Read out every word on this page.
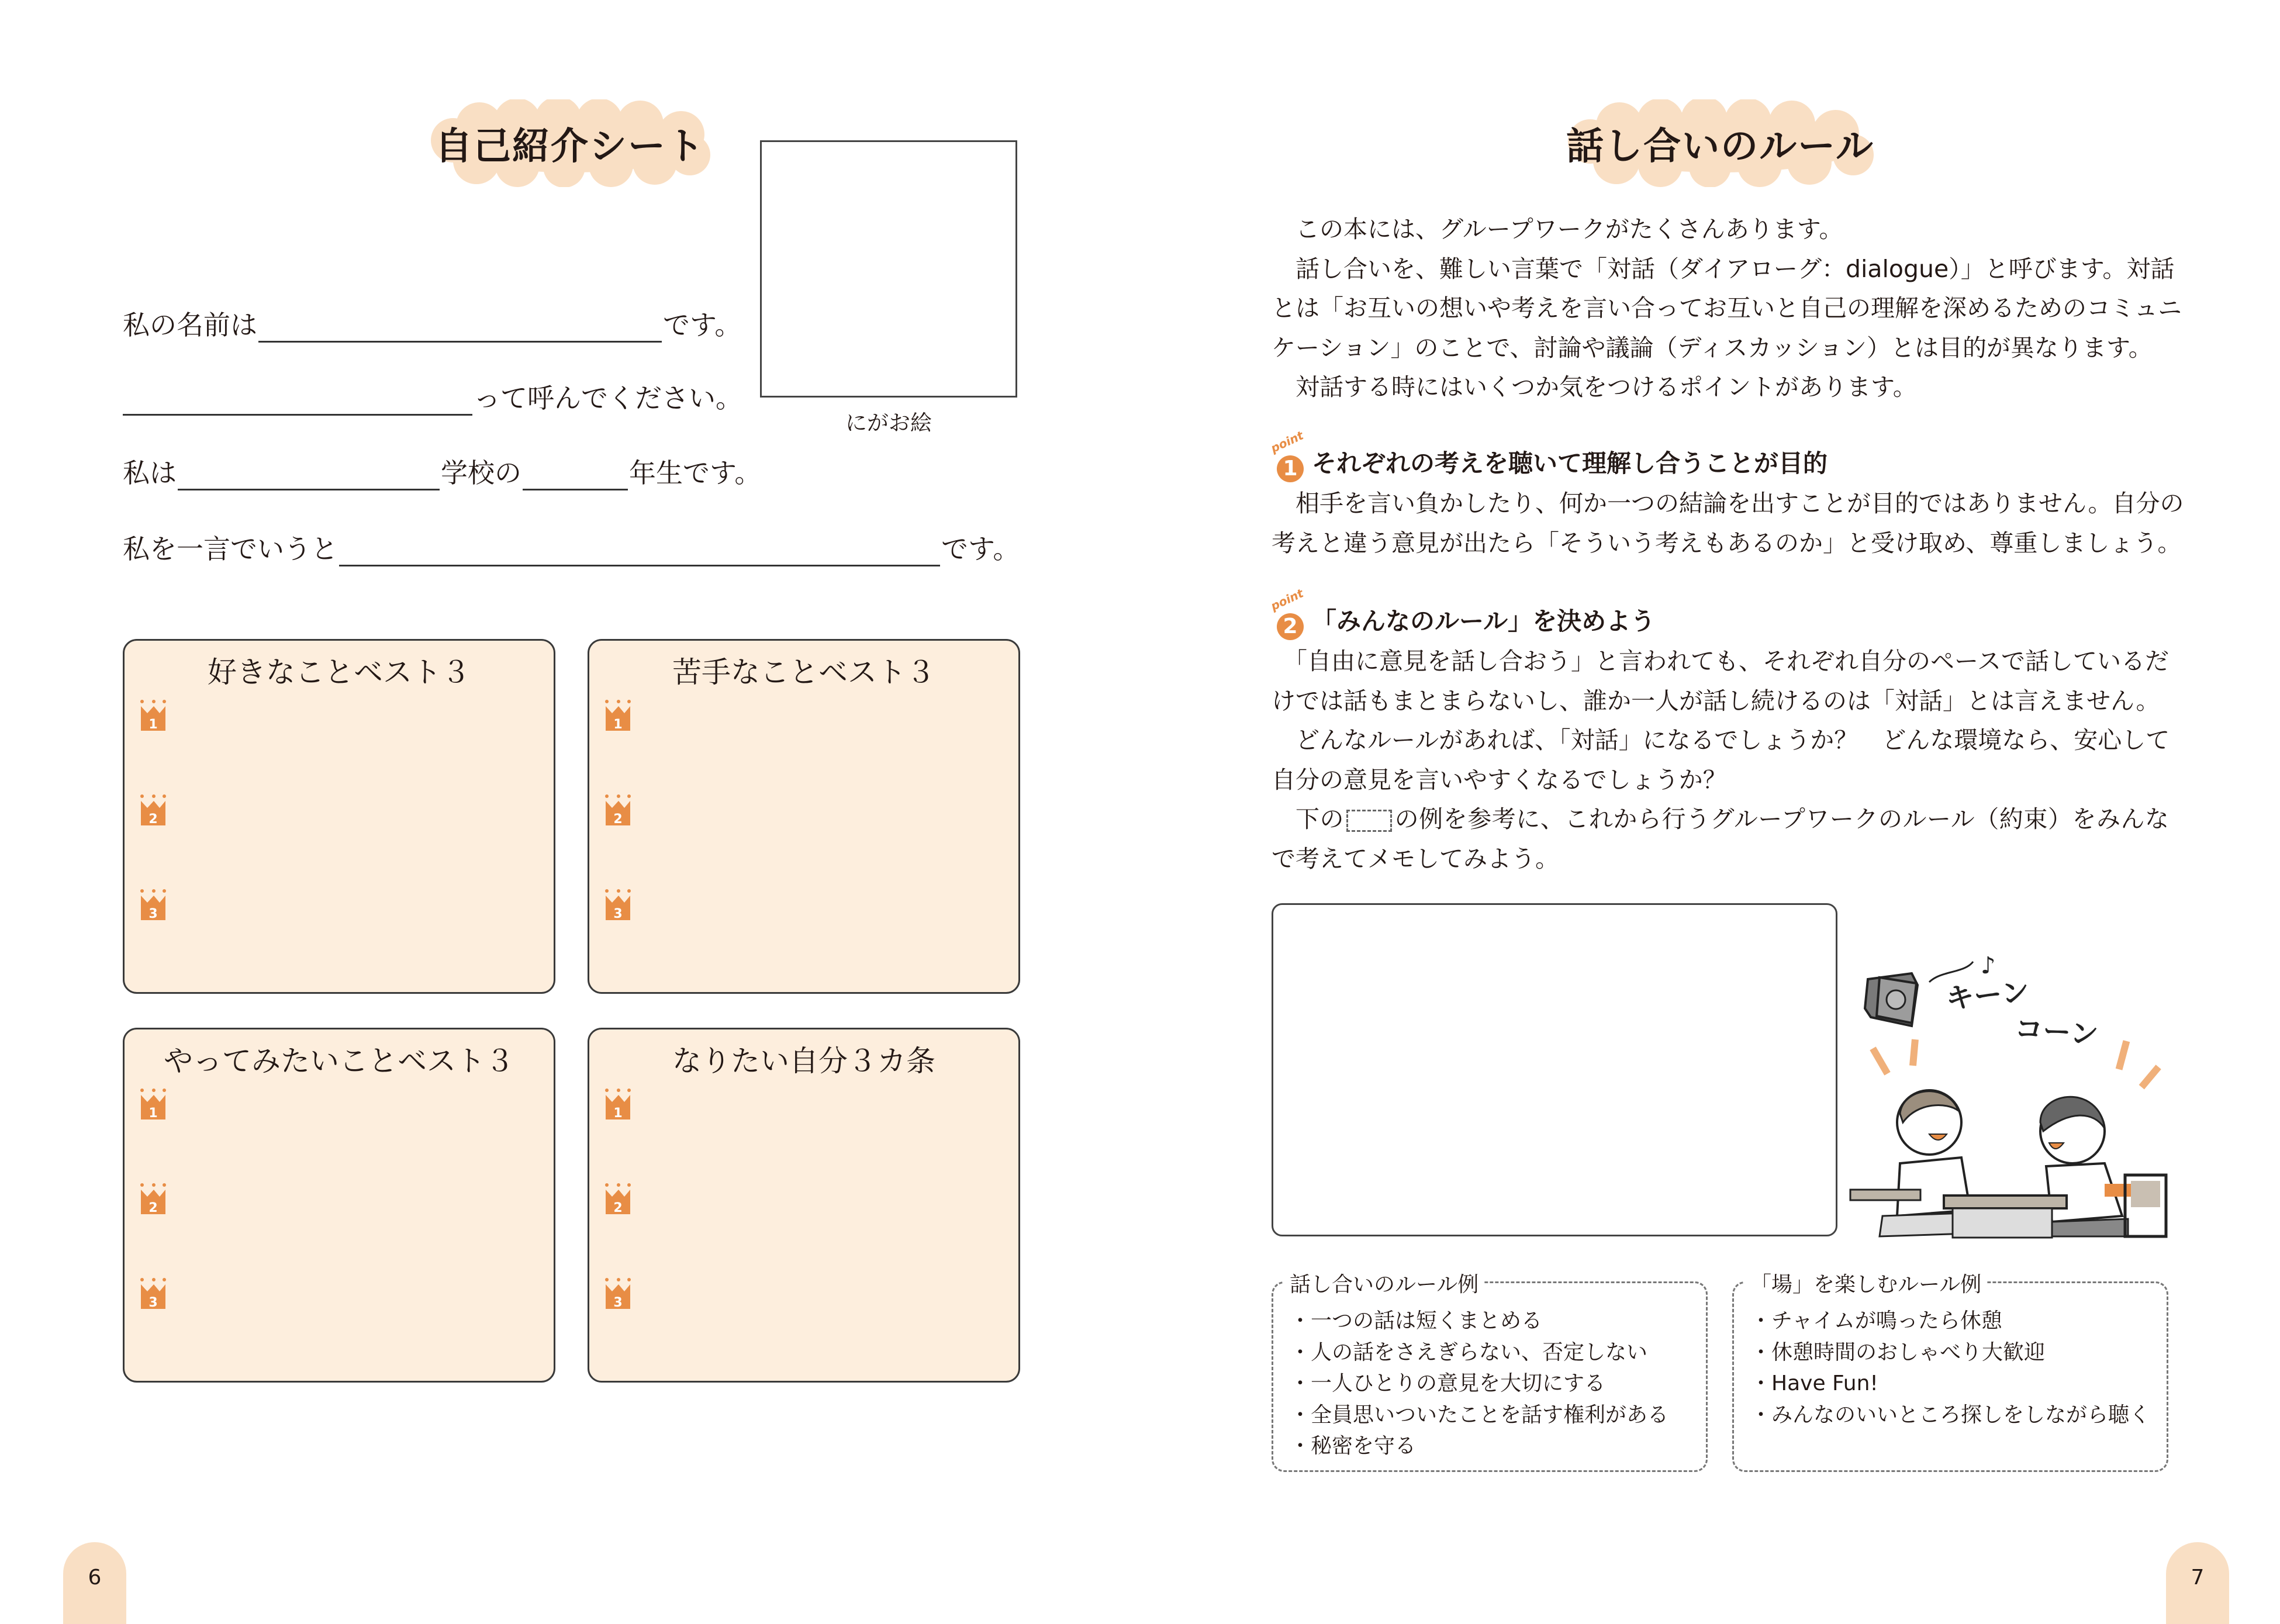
自己紹介シート
にがお絵
私の名前は	です。
って呼んでください。
私は	学校の	年生です。
私を一言でいうと	です。
好きなことベスト３
1
2
3
苦手なことベスト３
1
2
3
やってみたいことベスト３
1
2
3
なりたい自分３カ条
1
2
3
6
話し合いのルール
この本には、グループワークがたくさんあります。
話し合いを、難しい言葉で「対話（ダイアローグ：dialogue）」と呼びます。対話
とは「お互いの想いや考えを言い合ってお互いと自己の理解を深めるためのコミュニ
ケーション」のことで、討論や議論（ディスカッション）とは目的が異なります。
対話する時にはいくつか気をつけるポイントがあります。
point
1 それぞれの考えを聴いて理解し合うことが目的
相手を言い負かしたり、何か一つの結論を出すことが目的ではありません。自分の
考えと違う意見が出たら「そういう考えもあるのか」と受け取め、尊重しましょう。
point
2 「みんなのルール」を決めよう
「自由に意見を話し合おう」と言われても、それぞれ自分のペースで話しているだ
けでは話もまとまらないし、誰か一人が話し続けるのは「対話」とは言えません。
どんなルールがあれば、「対話」になるでしょうか？　どんな環境なら、安心して
自分の意見を言いやすくなるでしょうか？
下の の例を参考に、これから行うグループワークのルール（約束）をみんな
で考えてメモしてみよう。
♪
キーン
コーン
話し合いのルール例
・ 一つの話は短くまとめる
・ 人の話をさえぎらない、否定しない
・ 一人ひとりの意見を大切にする
・ 全員思いついたことを話す権利がある
・ 秘密を守る
「場」を楽しむルール例
・ チャイムが鳴ったら休憩
・ 休憩時間のおしゃべり大歓迎
・ Have Fun!
・ みんなのいいところ探しをしながら聴く
7
